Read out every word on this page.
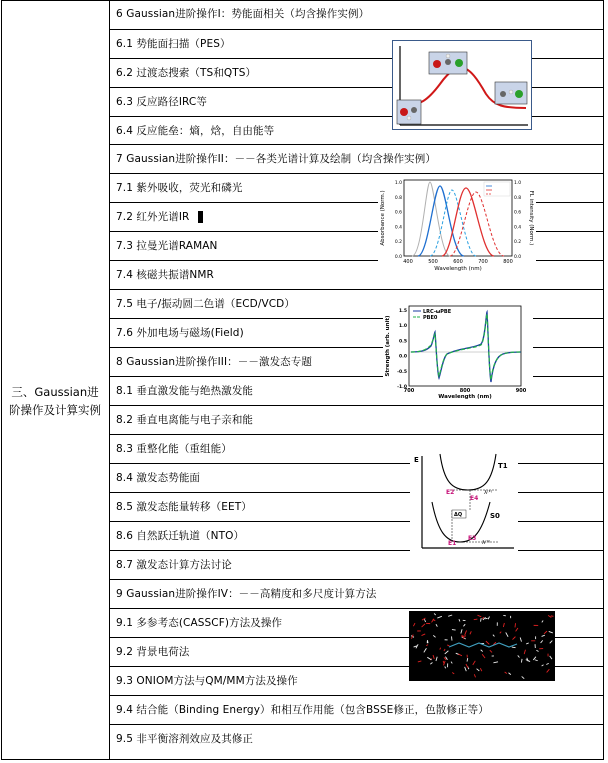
三、Gaussian进
阶操作及计算实例
6 Gaussian进阶操作I：势能面相关（均含操作实例）
6.1 势能面扫描（PES）
6.2 过渡态搜索（TS和QTS）
6.3 反应路径IRC等
6.4 反应能垒：熵，焓，自由能等
7 Gaussian进阶操作II：－－各类光谱计算及绘制（均含操作实例）
7.1 紫外吸收，荧光和磷光
7.2 红外光谱IR
7.3 拉曼光谱RAMAN
7.4 核磁共振谱NMR
7.5 电子/振动圆二色谱（ECD/VCD）
7.6 外加电场与磁场(Field)
8 Gaussian进阶操作III：－－激发态专题
8.1 垂直激发能与绝热激发能
8.2 垂直电离能与电子亲和能
8.3 重整化能（重组能）
8.4 激发态势能面
8.5 激发态能量转移（EET）
8.6 自然跃迁轨道（NTO）
8.7 激发态计算方法讨论
9 Gaussian进阶操作IV：－－高精度和多尺度计算方法
9.1 多参考态(CASSCF)方法及操作
9.2 背景电荷法
9.3 ONIOM方法与QM/MM方法及操作
9.4 结合能（Binding Energy）和相互作用能（包含BSSE修正，色散修正等）
9.5 非平衡溶剂效应及其修正
400	500	600	700	800
0.0	0.0
0.2	0.2
0.4	0.4
0.6	0.6
0.8	0.8
1.0	1.0
Wavelength (nm)
Absorbance (Norm.)	FL intensity (Norm.)
LRC-ωPBE
PBE0
700	800	900
1.5
1.0
0.5
0.0
-0.5
-1.0
Wavelength (nm)
Strength (arb. unit)
E
T1
S0
E2
E4
E1
E3
ΔQ
λ⁽¹⁾
λ⁽⁰⁾
